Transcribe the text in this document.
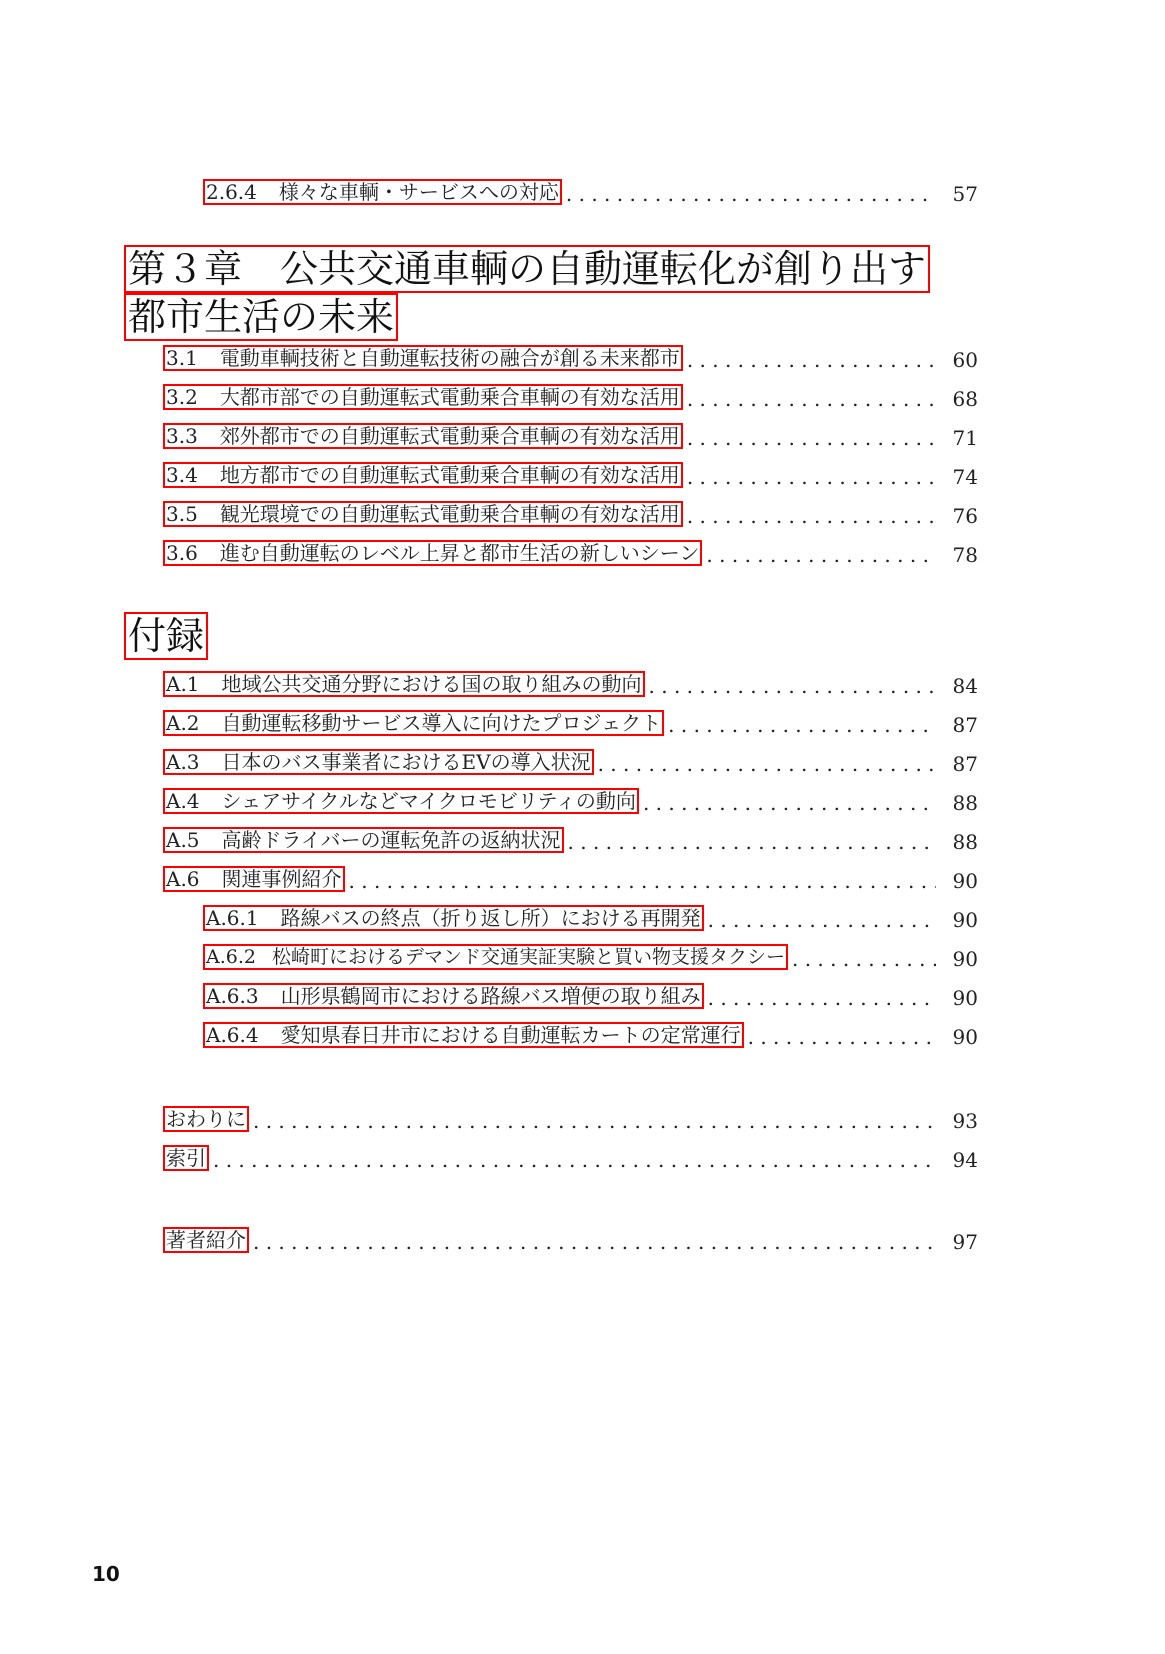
2.6.4 様々な車輌・サービスへの対応 . . .	57
第３章　公共交通車輌の自動運転化が創り出す
都市生活の未来
3.1 電動車輌技術と自動運転技術の融合が創る未来都市 . . .	60
3.2 大都市部での自動運転式電動乗合車輌の有効な活用 . . .	68
3.3 郊外都市での自動運転式電動乗合車輌の有効な活用 . . .	71
3.4 地方都市での自動運転式電動乗合車輌の有効な活用 . . .	74
3.5 観光環境での自動運転式電動乗合車輌の有効な活用 . . .	76
3.6 進む自動運転のレベル上昇と都市生活の新しいシーン . . .	78
付録
A.1 地域公共交通分野における国の取り組みの動向 . . .	84
A.2 自動運転移動サービス導入に向けたプロジェクト . . .	87
A.3 日本のバス事業者におけるEVの導入状況 . . .	87
A.4 シェアサイクルなどマイクロモビリティの動向 . . .	88
A.5 高齢ドライバーの運転免許の返納状況 . . .	88
A.6 関連事例紹介 . . .	90
A.6.1 路線バスの終点（折り返し所）における再開発 . . .	90
A.6.2 松崎町におけるデマンド交通実証実験と買い物支援タクシー . . .	90
A.6.3 山形県鶴岡市における路線バス増便の取り組み . . .	90
A.6.4 愛知県春日井市における自動運転カートの定常運行 . . .	90
おわりに . . .	93
索引 . . .	94
著者紹介 . . .	97
10
